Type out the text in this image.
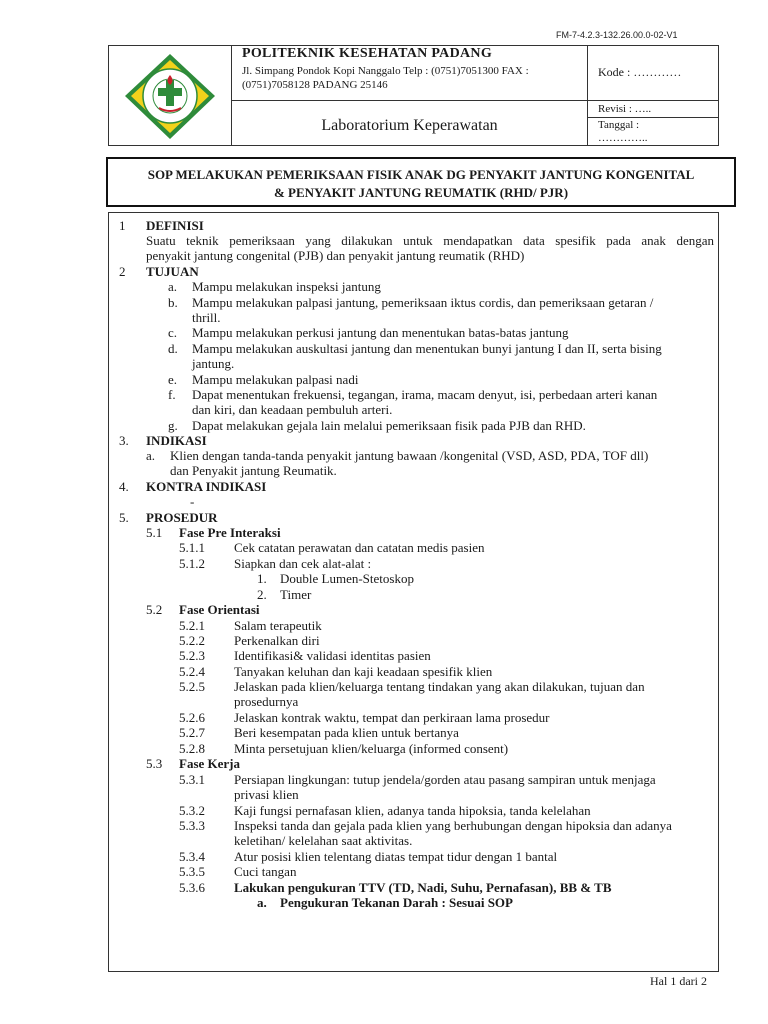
FM-7-4.2.3-132.26.00.0-02-V1
POLITEKNIK KESEHATAN PADANG
Jl. Simpang Pondok Kopi Nanggalo Telp : (0751)7051300 FAX :
(0751)7058128 PADANG 25146
Kode : …………
Laboratorium Keperawatan
Revisi : …..
Tanggal :
…………..
SOP MELAKUKAN PEMERIKSAAN FISIK ANAK DG PENYAKIT JANTUNG KONGENITAL
& PENYAKIT JANTUNG REUMATIK (RHD/ PJR)
1 DEFINISI
Suatu teknik pemeriksaan yang dilakukan untuk mendapatkan data spesifik pada anak dengan
penyakit jantung congenital (PJB) dan penyakit jantung reumatik (RHD)
2 TUJUAN
a. Mampu melakukan inspeksi jantung
b. Mampu melakukan palpasi jantung, pemeriksaan iktus cordis, dan pemeriksaan getaran /
thrill.
c. Mampu melakukan perkusi jantung dan menentukan batas-batas jantung
d. Mampu melakukan auskultasi jantung dan menentukan bunyi jantung I dan II, serta bising
jantung.
e. Mampu melakukan palpasi nadi
f. Dapat menentukan frekuensi, tegangan, irama, macam denyut, isi, perbedaan arteri kanan
dan kiri, dan keadaan pembuluh arteri.
g. Dapat melakukan gejala lain melalui pemeriksaan fisik pada PJB dan RHD.
3. INDIKASI
a. Klien dengan tanda-tanda penyakit jantung bawaan /kongenital (VSD, ASD, PDA, TOF dll)
dan Penyakit jantung Reumatik.
4. KONTRA INDIKASI
-
5. PROSEDUR
5.1 Fase Pre Interaksi
5.1.1 Cek catatan perawatan dan catatan medis pasien
5.1.2 Siapkan dan cek alat-alat :
1. Double Lumen-Stetoskop
2. Timer
5.2 Fase Orientasi
5.2.1 Salam terapeutik
5.2.2 Perkenalkan diri
5.2.3 Identifikasi& validasi identitas pasien
5.2.4 Tanyakan keluhan dan kaji keadaan spesifik klien
5.2.5 Jelaskan pada klien/keluarga tentang tindakan yang akan dilakukan, tujuan dan
prosedurnya
5.2.6 Jelaskan kontrak waktu, tempat dan perkiraan lama prosedur
5.2.7 Beri kesempatan pada klien untuk bertanya
5.2.8 Minta persetujuan klien/keluarga (informed consent)
5.3 Fase Kerja
5.3.1 Persiapan lingkungan: tutup jendela/gorden atau pasang sampiran untuk menjaga
privasi klien
5.3.2 Kaji fungsi pernafasan klien, adanya tanda hipoksia, tanda kelelahan
5.3.3 Inspeksi tanda dan gejala pada klien yang berhubungan dengan hipoksia dan adanya
keletihan/ kelelahan saat aktivitas.
5.3.4 Atur posisi klien telentang diatas tempat tidur dengan 1 bantal
5.3.5 Cuci tangan
5.3.6 Lakukan pengukuran TTV (TD, Nadi, Suhu, Pernafasan), BB & TB
a. Pengukuran Tekanan Darah : Sesuai SOP
Hal 1 dari 2
